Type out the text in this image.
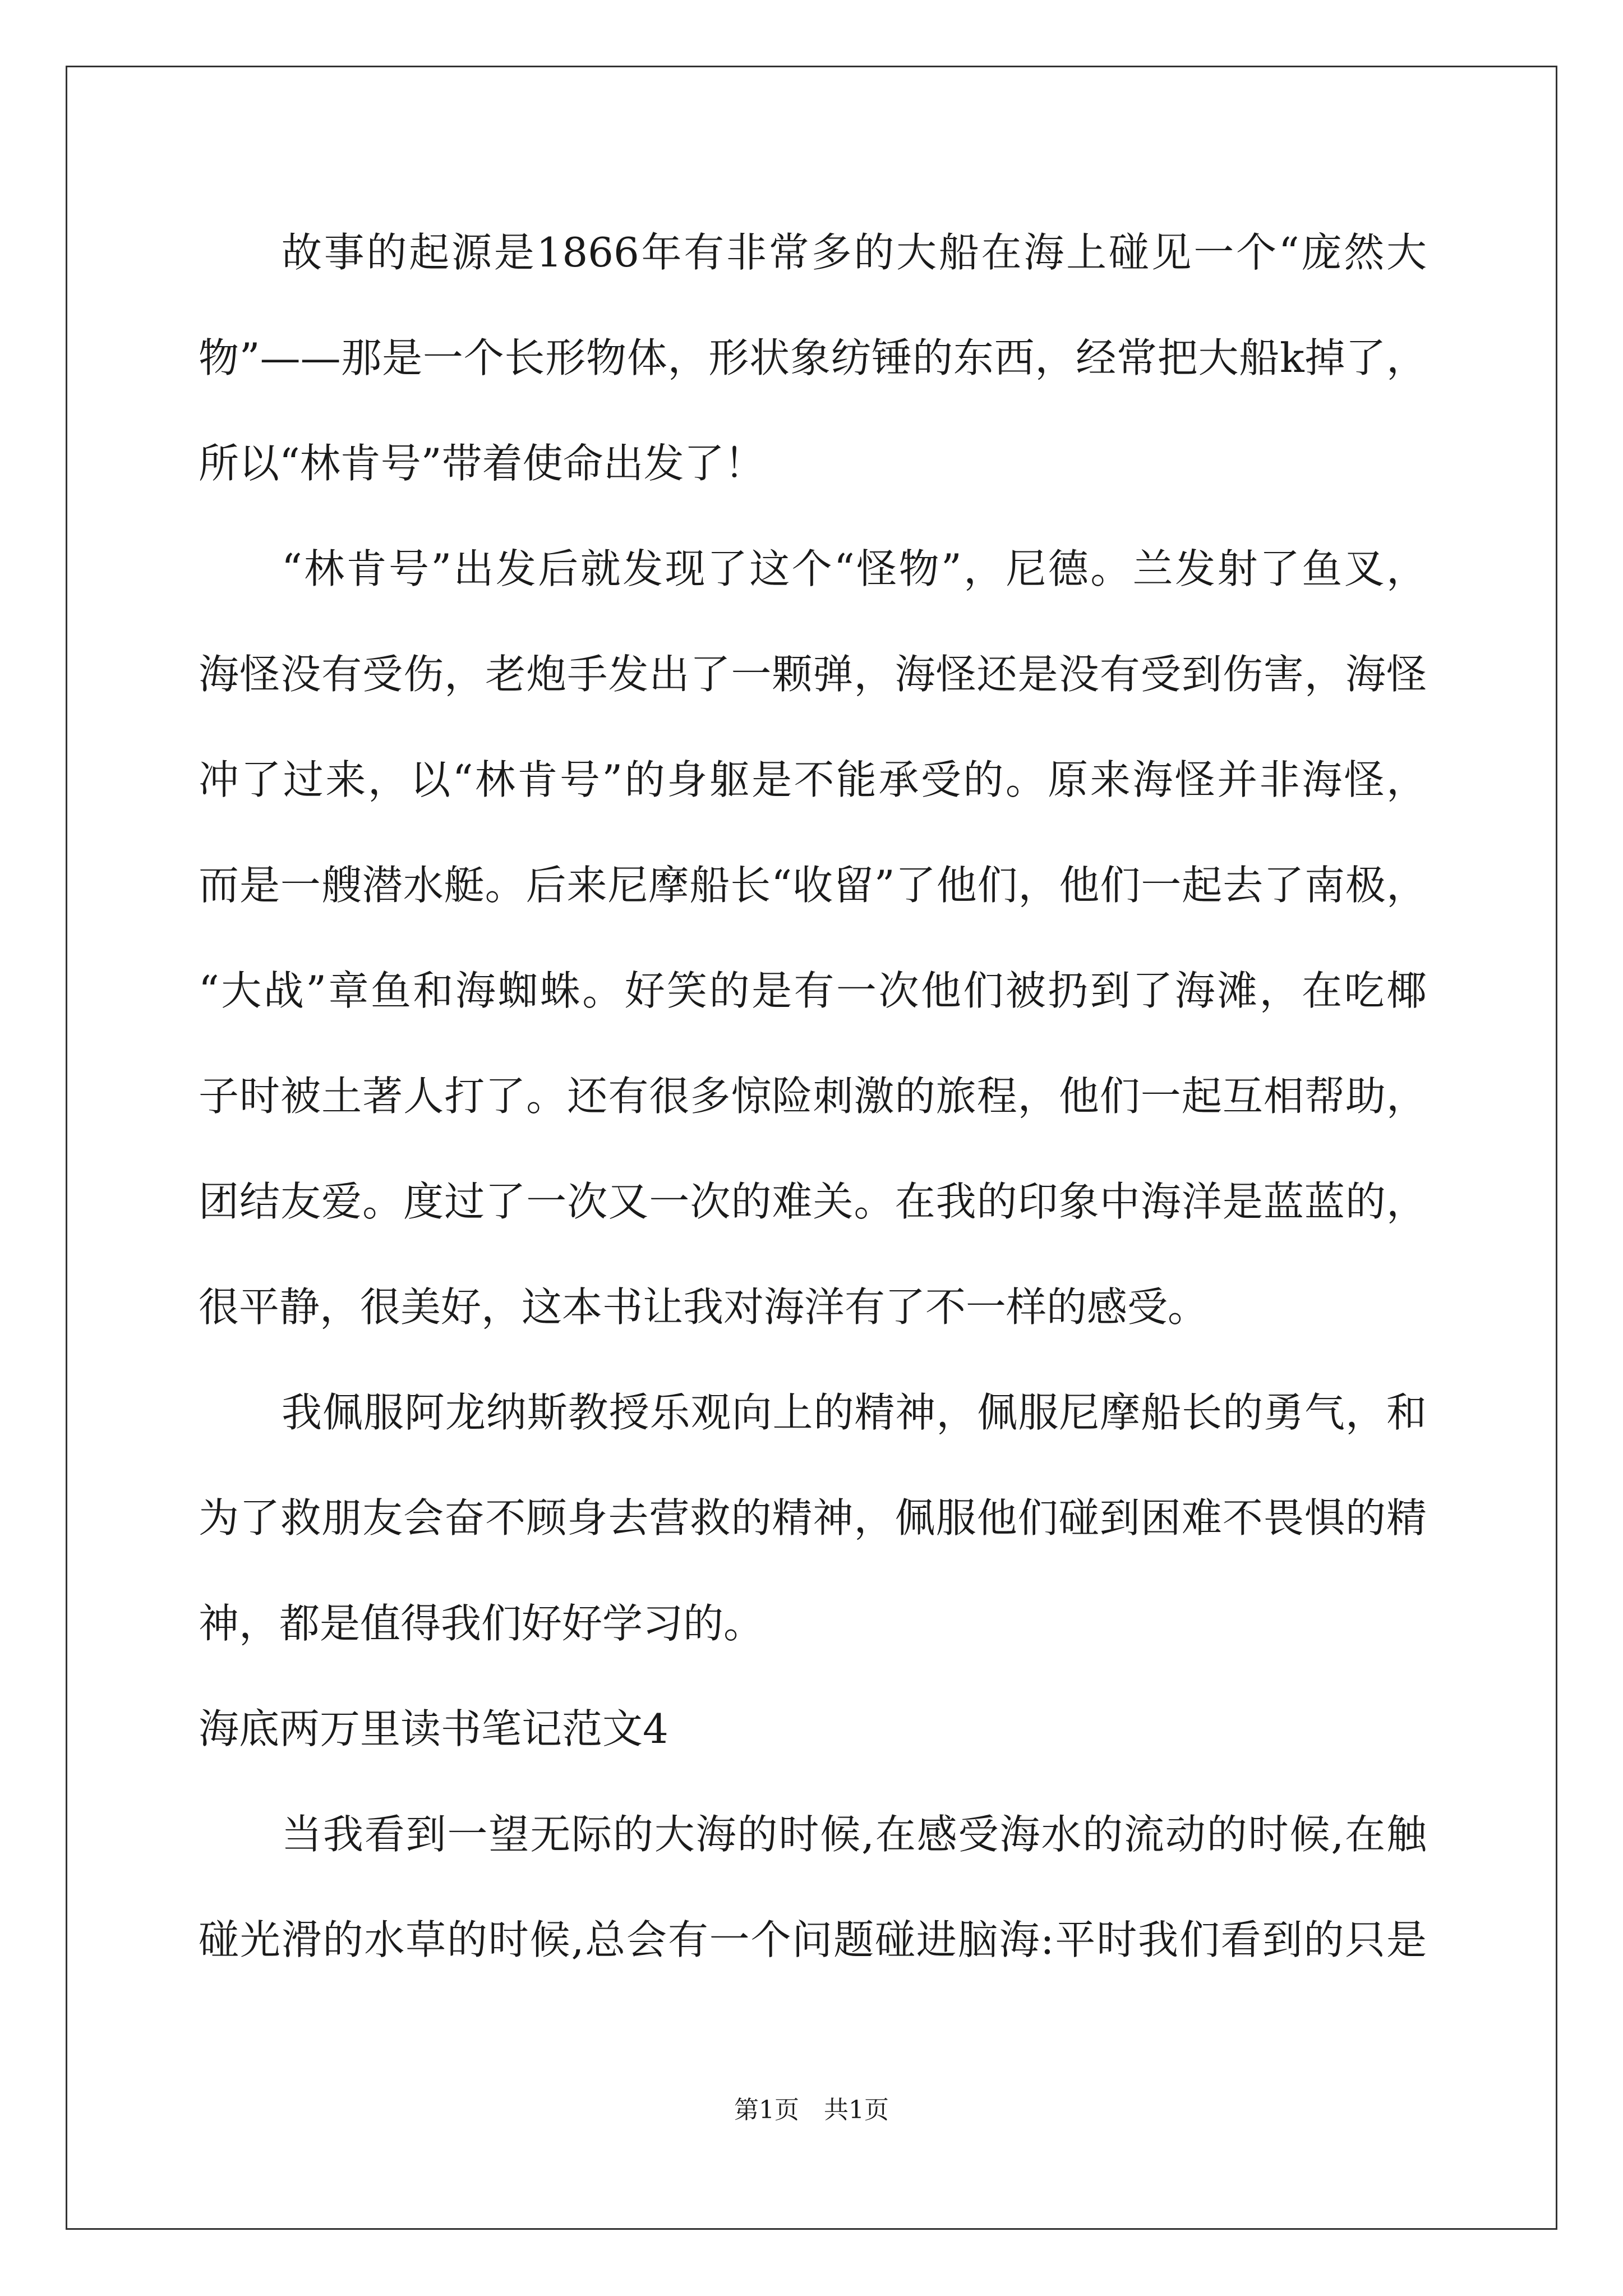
故事的起源是1866年有非常多的大船在海上碰见一个“庞然大
物”——那是一个长形物体，形状象纺锤的东西，经常把大船k掉了，
所以“林肯号”带着使命出发了！
“林肯号”出发后就发现了这个“怪物”，尼德。兰发射了鱼叉，
海怪没有受伤，老炮手发出了一颗弹，海怪还是没有受到伤害，海怪
冲了过来，以“林肯号”的身躯是不能承受的。原来海怪并非海怪，
而是一艘潜水艇。后来尼摩船长“收留”了他们，他们一起去了南极，
“大战”章鱼和海蜘蛛。好笑的是有一次他们被扔到了海滩，在吃椰
子时被土著人打了。还有很多惊险刺激的旅程，他们一起互相帮助，
团结友爱。度过了一次又一次的难关。在我的印象中海洋是蓝蓝的，
很平静，很美好，这本书让我对海洋有了不一样的感受。
我佩服阿龙纳斯教授乐观向上的精神，佩服尼摩船长的勇气，和
为了救朋友会奋不顾身去营救的精神，佩服他们碰到困难不畏惧的精
神，都是值得我们好好学习的。
海底两万里读书笔记范文4
当我看到一望无际的大海的时候,在感受海水的流动的时候,在触
碰光滑的水草的时候,总会有一个问题碰进脑海:平时我们看到的只是
第1页　共1页
